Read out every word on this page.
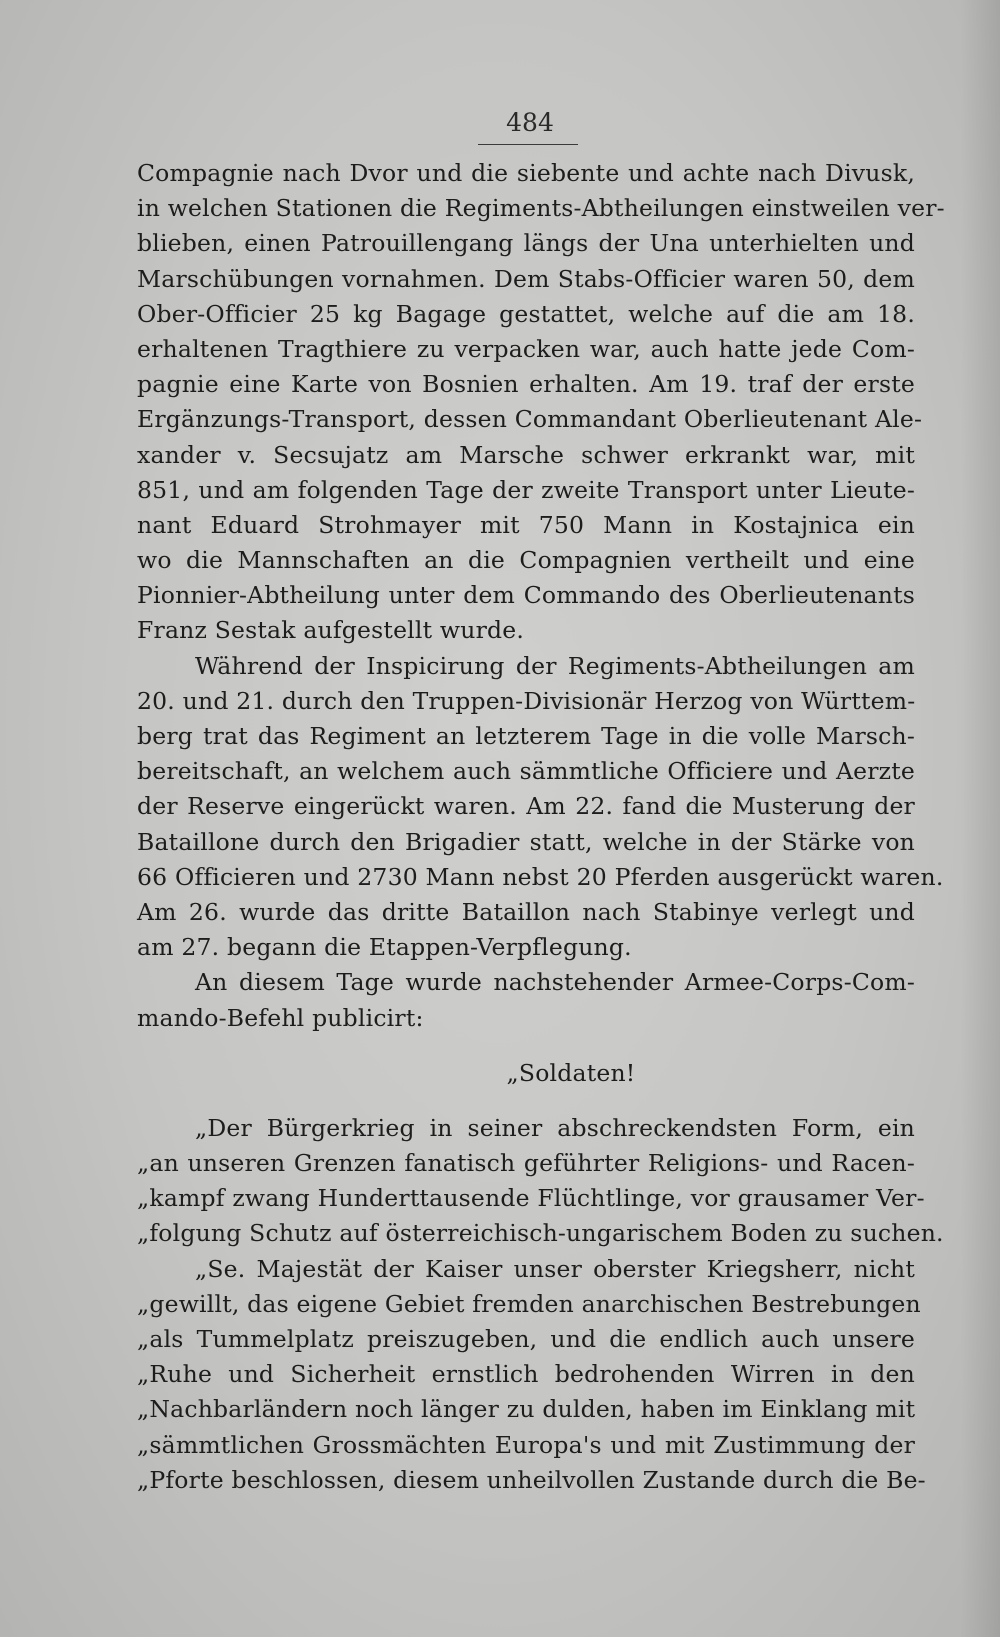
484
Compagnie nach Dvor und die siebente und achte nach Divusk,
in welchen Stationen die Regiments-Abtheilungen einstweilen ver-
blieben, einen Patrouillengang längs der Una unterhielten und
Marschübungen vornahmen. Dem Stabs-Officier waren 50, dem
Ober-Officier 25 kg Bagage gestattet, welche auf die am 18.
erhaltenen Tragthiere zu verpacken war, auch hatte jede Com-
pagnie eine Karte von Bosnien erhalten. Am 19. traf der erste
Ergänzungs-Transport, dessen Commandant Oberlieutenant Ale-
xander v. Secsujatz am Marsche schwer erkrankt war, mit
851, und am folgenden Tage der zweite Transport unter Lieute-
nant Eduard Strohmayer mit 750 Mann in Kostajnica ein
wo die Mannschaften an die Compagnien vertheilt und eine
Pionnier-Abtheilung unter dem Commando des Oberlieutenants
Franz Sestak aufgestellt wurde.
Während der Inspicirung der Regiments-Abtheilungen am
20. und 21. durch den Truppen-Divisionär Herzog von Württem-
berg trat das Regiment an letzterem Tage in die volle Marsch-
bereitschaft, an welchem auch sämmtliche Officiere und Aerzte
der Reserve eingerückt waren. Am 22. fand die Musterung der
Bataillone durch den Brigadier statt, welche in der Stärke von
66 Officieren und 2730 Mann nebst 20 Pferden ausgerückt waren.
Am 26. wurde das dritte Bataillon nach Stabinye verlegt und
am 27. begann die Etappen-Verpflegung.
An diesem Tage wurde nachstehender Armee-Corps-Com-
mando-Befehl publicirt:
„Soldaten!
„Der Bürgerkrieg in seiner abschreckendsten Form, ein
„an unseren Grenzen fanatisch geführter Religions- und Racen-
„kampf zwang Hunderttausende Flüchtlinge, vor grausamer Ver-
„folgung Schutz auf österreichisch-ungarischem Boden zu suchen.
„Se. Majestät der Kaiser unser oberster Kriegsherr, nicht
„gewillt, das eigene Gebiet fremden anarchischen Bestrebungen
„als Tummelplatz preiszugeben, und die endlich auch unsere
„Ruhe und Sicherheit ernstlich bedrohenden Wirren in den
„Nachbarländern noch länger zu dulden, haben im Einklang mit
„sämmtlichen Grossmächten Europa's und mit Zustimmung der
„Pforte beschlossen, diesem unheilvollen Zustande durch die Be-
